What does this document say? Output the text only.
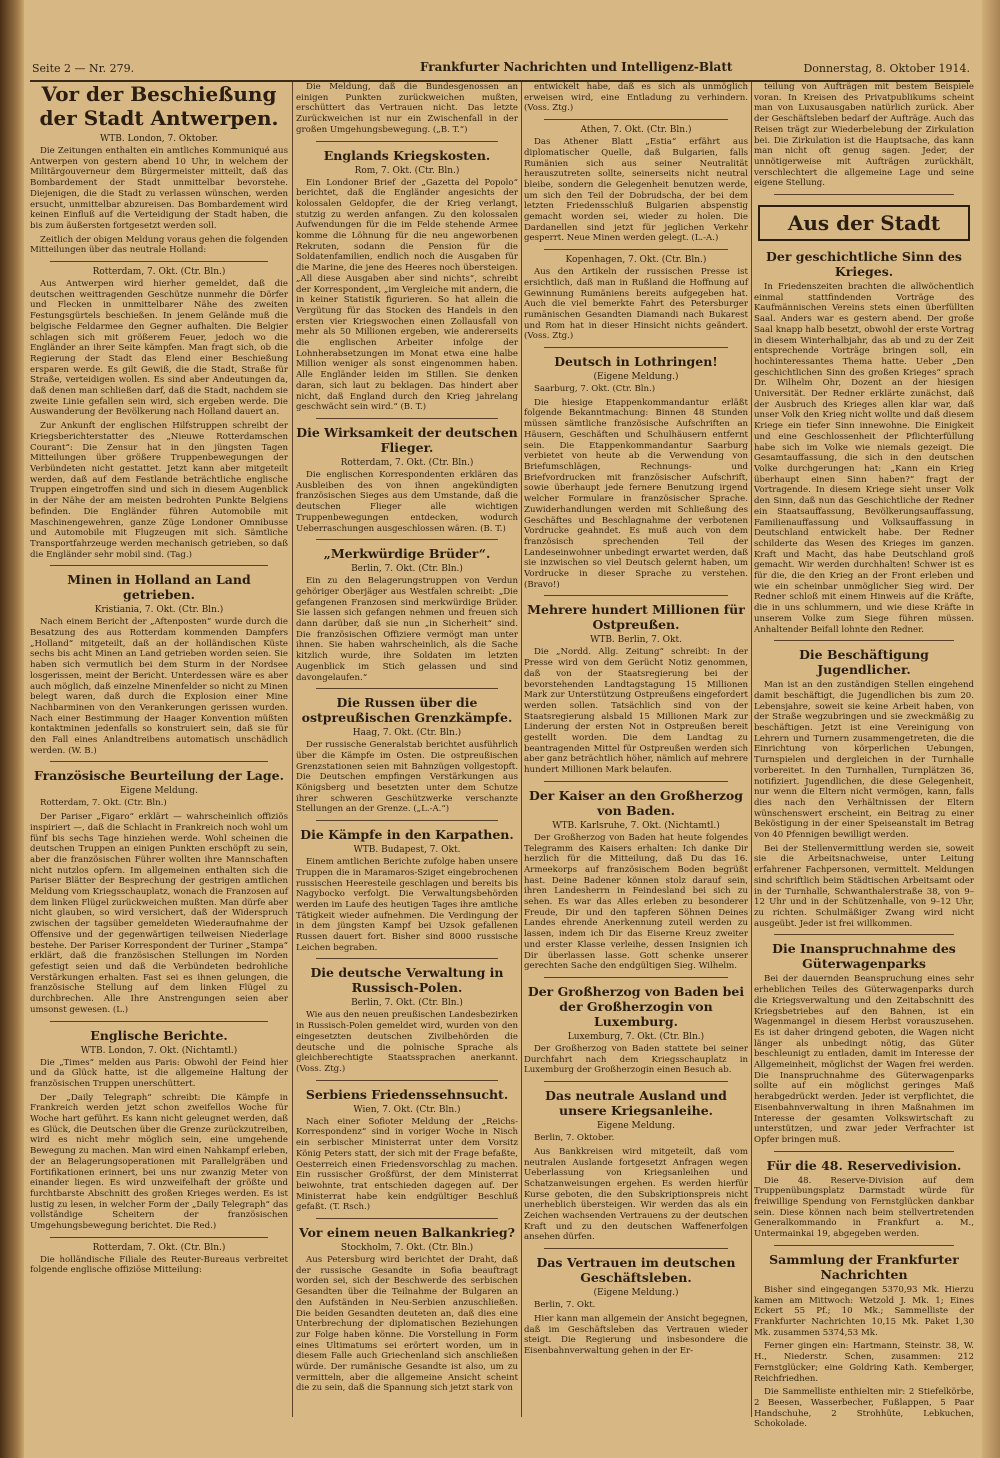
Seite 2 — Nr. 279.	Frankfurter Nachrichten und Intelligenz-Blatt	Donnerstag, 8. Oktober 1914.
Vor der Beschießung der Stadt Antwerpen.
WTB. London, 7. Oktober.

Die Zeitungen enthalten ein amtliches Kommuniqué aus Antwerpen von gestern abend 10 Uhr, in welchem der Militärgouverneur dem Bürgermeister mitteilt, daß das Bombardement der Stadt unmittelbar bevorstehe. Diejenigen, die die Stadt zu verlassen wünschen, werden ersucht, unmittelbar abzureisen. Das Bombardement wird keinen Einfluß auf die Verteidigung der Stadt haben, die bis zum äußersten fortgesetzt werden soll.

Zeitlich der obigen Meldung voraus gehen die folgenden Mitteilungen über das neutrale Holland:

Rotterdam, 7. Okt. (Ctr. Bln.)

Aus Antwerpen wird hierher gemeldet, daß die deutschen weittragenden Geschütze nunmehr die Dörfer und Flecken in unmittelbarer Nähe des zweiten Festungsgürtels beschießen. In jenem Gelände muß die belgische Feldarmee den Gegner aufhalten. Die Belgier schlagen sich mit größerem Feuer, jedoch wo die Engländer an ihrer Seite kämpfen. Man fragt sich, ob die Regierung der Stadt das Elend einer Beschießung ersparen werde. Es gilt Gewiß, die die Stadt, Straße für Straße, verteidigen wollen. Es sind aber Andeutungen da, daß denen man schließen darf, daß die Stadt, nachdem sie zweite Linie gefallen sein wird, sich ergeben werde. Die Auswanderung der Bevölkerung nach Holland dauert an.

Zur Ankunft der englischen Hilfstruppen schreibt der Kriegsberichterstatter des „Nieuwe Rotterdamschen Courant“: Die Zensur hat in den jüngsten Tagen Mitteilungen über größere Truppenbewegungen der Verbündeten nicht gestattet. Jetzt kann aber mitgeteilt werden, daß auf dem Festlande beträchtliche englische Truppen eingetroffen sind und sich in diesem Augenblick in der Nähe der am meisten bedrohten Punkte Belgiens befinden. Die Engländer führen Automobile mit Maschinengewehren, ganze Züge Londoner Omnibusse und Automobile mit Flugzeugen mit sich. Sämtliche Transportfahrzeuge werden mechanisch getrieben, so daß die Engländer sehr mobil sind. (Tag.)

Minen in Holland an Land getrieben.
Kristiania, 7. Okt. (Ctr. Bln.)

Nach einem Bericht der „Aftenposten“ wurde durch die Besatzung des aus Rotterdam kommenden Dampfers „Holland“ mitgeteilt, daß an der holländischen Küste sechs bis acht Minen an Land getrieben worden seien. Sie haben sich vermutlich bei dem Sturm in der Nordsee losgerissen, meint der Bericht. Unterdessen wäre es aber auch möglich, daß einzelne Minenfelder so nicht zu Minen belegt waren, daß durch die Explosion einer Mine Nachbarminen von den Verankerungen gerissen wurden. Nach einer Bestimmung der Haager Konvention müßten kontaktminen jedenfalls so konstruiert sein, daß sie für den Fall eines Anlandtreibens automatisch unschädlich werden. (W. B.)

Französische Beurteilung der Lage.
Eigene Meldung.

Rotterdam, 7. Okt. (Ctr. Bln.)

Der Pariser „Figaro“ erklärt — wahrscheinlich offiziös inspiriert —, daß die Schlacht in Frankreich noch wohl um fünf bis sechs Tage hinziehen werde. Wohl scheinen die deutschen Truppen an einigen Punkten erschöpft zu sein, aber die französischen Führer wollten ihre Mannschaften nicht nutzlos opfern. Im allgemeinen enthalten sich die Pariser Blätter der Besprechung der gestrigen amtlichen Meldung vom Kriegsschauplatz, wonach die Franzosen auf dem linken Flügel zurückweichen mußten. Man dürfe aber nicht glauben, so wird versichert, daß der Widerspruch zwischen der tagsüber gemeldeten Wiederaufnahme der Offensive und der gegenwärtigen teilweisen Niederlage bestehe. Der Pariser Korrespondent der Turiner „Stampa“ erklärt, daß die französischen Stellungen im Norden gefestigt seien und daß die Verbündeten bedrohliche Verstärkungen erhalten. Fast sei es ihnen gelungen, die französische Stellung auf dem linken Flügel zu durchbrechen. Alle Ihre Anstrengungen seien aber umsonst gewesen. (L.)

Englische Berichte.
WTB. London, 7. Okt. (Nichtamtl.)

Die „Times“ melden aus Paris: Obwohl der Feind hier und da Glück hatte, ist die allgemeine Haltung der französischen Truppen unerschüttert.

Der „Daily Telegraph“ schreibt: Die Kämpfe in Frankreich werden jetzt schon zweifellos Woche für Woche hart geführt. Es kann nicht geleugnet werden, daß es Glück, die Deutschen über die Grenze zurückzutreiben, wird es nicht mehr möglich sein, eine umgehende Bewegung zu machen. Man wird einen Nahkampf erleben, der an Belagerungsoperationen mit Parallelgräben und Fortifikationen erinnert, bei uns nur zwanzig Meter von einander liegen. Es wird unzweifelhaft der größte und furchtbarste Abschnitt des großen Krieges werden. Es ist lustig zu lesen, in welcher Form der „Daily Telegraph“ das vollständige Scheitern der französischen Umgehungsbewegung berichtet. Die Red.)

Rotterdam, 7. Okt. (Ctr. Bln.)

Die holländische Filiale des Reuter-Bureaus verbreitet folgende englische offiziöse Mitteilung:

Die Meldung, daß die Bundesgenossen an einigen Punkten zurückweichen mußten, erschüttert das Vertrauen nicht. Das letzte Zurückweichen ist nur ein Zwischenfall in der großen Umgehungsbewegung. („B. T.“)

Englands Kriegskosten.
Rom, 7. Okt. (Ctr. Bln.)

Ein Londoner Brief der „Gazetta del Popolo“ berichtet, daß die Engländer angesichts der kolossalen Geldopfer, die der Krieg verlangt, stutzig zu werden anfangen. Zu den kolossalen Aufwendungen für die im Felde stehende Armee komme die Löhnung für die neu angeworbenen Rekruten, sodann die Pension für die Soldatenfamilien, endlich noch die Ausgaben für die Marine, die jene des Heeres noch übersteigen. „All diese Ausgaben aber sind nichts“, schreibt der Korrespondent, „im Vergleiche mit andern, die in keiner Statistik figurieren. So hat allein die Vergütung für das Stocken des Handels in den ersten vier Kriegswochen einen Zollausfall von mehr als 50 Millionen ergeben, wie andererseits die englischen Arbeiter infolge der Lohnherabsetzungen im Monat etwa eine halbe Million weniger als sonst eingenommen haben. Alle Engländer leiden im Stillen. Sie denken daran, sich laut zu beklagen. Das hindert aber nicht, daß England durch den Krieg jahrelang geschwächt sein wird.“ (B. T.)

Die Wirksamkeit der deutschen Flieger.
Rotterdam, 7. Okt. (Ctr. Bln.)

Die englischen Korrespondenten erklären das Ausbleiben des von ihnen angekündigten französischen Sieges aus dem Umstande, daß die deutschen Flieger alle wichtigen Truppenbewegungen entdecken, wodurch Ueberraschungen ausgeschlossen wären. (B. T.)

„Merkwürdige Brüder“.
Berlin, 7. Okt. (Ctr. Bln.)

Ein zu den Belagerungstruppen von Verdun gehöriger Oberjäger aus Westfalen schreibt: „Die gefangenen Franzosen sind merkwürdige Brüder. Sie lassen sich gefangen nehmen und freuen sich dann darüber, daß sie nun „in Sicherheit“ sind. Die französischen Offiziere vermögt man unter ihnen. Sie haben wahrscheinlich, als die Sache kitzlich wurde, ihre Soldaten im letzten Augenblick im Stich gelassen und sind davongelaufen.“

Die Russen über die ostpreußischen Grenzkämpfe.
Haag, 7. Okt. (Ctr. Bln.)

Der russische Generalstab berichtet ausführlich über die Kämpfe im Osten. Die ostpreußischen Grenzstationen seien mit Bahnzügen vollgestopft. Die Deutschen empfingen Verstärkungen aus Königsberg und besetzten unter dem Schutze ihrer schweren Geschützwerke verschanzte Stellungen an der Grenze. („L.-A.“)

Die Kämpfe in den Karpathen.
WTB. Budapest, 7. Okt.

Einem amtlichen Berichte zufolge haben unsere Truppen die in Maramaros-Sziget eingebrochenen russischen Heeresteile geschlagen und bereits bis Nagybocko verfolgt. Die Verwaltungsbehörden werden im Laufe des heutigen Tages ihre amtliche Tätigkeit wieder aufnehmen. Die Verdingung der in dem jüngsten Kampf bei Uzsok gefallenen Russen dauert fort. Bisher sind 8000 russische Leichen begraben.

Die deutsche Verwaltung in Russisch-Polen.
Berlin, 7. Okt. (Ctr. Bln.)

Wie aus den neuen preußischen Landesbezirken in Russisch-Polen gemeldet wird, wurden von den eingesetzten deutschen Zivilbehörden die deutsche und die polnische Sprache als gleichberechtigte Staatssprachen anerkannt. (Voss. Ztg.)

Serbiens Friedenssehnsucht.
Wien, 7. Okt. (Ctr. Bln.)

Nach einer Sofioter Meldung der „Reichs-Korrespondenz“ sind in voriger Woche in Nisch ein serbischer Ministerrat unter dem Vorsitz König Peters statt, der sich mit der Frage befaßte, Oesterreich einen Friedensvorschlag zu machen. Ein russischer Großfürst, der dem Ministerrat beiwohnte, trat entschieden dagegen auf. Der Ministerrat habe kein endgültiger Beschluß gefaßt. (T. Rsch.)

Vor einem neuen Balkankrieg?
Stockholm, 7. Okt. (Ctr. Bln.)

Aus Petersburg wird berichtet der Draht, daß der russische Gesandte in Sofia beauftragt worden sei, sich der Beschwerde des serbischen Gesandten über die Teilnahme der Bulgaren an den Aufständen in Neu-Serbien anzuschließen. Die beiden Gesandten deuteten an, daß dies eine Unterbrechung der diplomatischen Beziehungen zur Folge haben könne. Die Vorstellung in Form eines Ultimatums sei erörtert worden, um in diesem Falle auch Griechenland sich anschließen würde. Der rumänische Gesandte ist also, um zu vermitteln, aber die allgemeine Ansicht scheint die zu sein, daß die Spannung sich jetzt stark von

entwickelt habe, daß es sich als unmöglich erweisen wird, eine Entladung zu verhindern. (Voss. Ztg.)

Athen, 7. Okt. (Ctr. Bln.)

Das Athener Blatt „Estia“ erfährt aus diplomatischer Quelle, daß Bulgarien, falls Rumänien sich aus seiner Neutralität herauszutreten sollte, seinerseits nicht neutral bleibe, sondern die Gelegenheit benutzen werde, um sich den Teil der Dobrudscha, der bei dem letzten Friedensschluß Bulgarien abspenstig gemacht worden sei, wieder zu holen. Die Dardanellen sind jetzt für jeglichen Verkehr gesperrt. Neue Minen werden gelegt. (L.-A.)

Kopenhagen, 7. Okt. (Ctr. Bln.)

Aus den Artikeln der russischen Presse ist ersichtlich, daß man in Rußland die Hoffnung auf Gewinnung Rumäniens bereits aufgegeben hat. Auch die viel bemerkte Fahrt des Petersburger rumänischen Gesandten Diamandi nach Bukarest und Rom hat in dieser Hinsicht nichts geändert. (Voss. Ztg.)

Deutsch in Lothringen!
(Eigene Meldung.)

Saarburg, 7. Okt. (Ctr. Bln.)

Die hiesige Etappenkommandantur erläßt folgende Bekanntmachung: Binnen 48 Stunden müssen sämtliche französische Aufschriften an Häusern, Geschäften und Schulhäusern entfernt sein. Die Etappenkommandantur Saarburg verbietet von heute ab die Verwendung von Briefumschlägen, Rechnungs- und Briefvordrucken mit französischer Aufschrift, sowie überhaupt jede fernere Benutzung irgend welcher Formulare in französischer Sprache. Zuwiderhandlungen werden mit Schließung des Geschäftes und Beschlagnahme der verbotenen Vordrucke geahndet. Es muß auch von dem französisch sprechenden Teil der Landeseinwohner unbedingt erwartet werden, daß sie inzwischen so viel Deutsch gelernt haben, um Vordrucke in dieser Sprache zu verstehen. (Bravo!)

Mehrere hundert Millionen für Ostpreußen.
WTB. Berlin, 7. Okt.

Die „Nordd. Allg. Zeitung“ schreibt: In der Presse wird von dem Gerücht Notiz genommen, daß von der Staatsregierung bei der bevorstehenden Landtagstagung 15 Millionen Mark zur Unterstützung Ostpreußens eingefordert werden sollen. Tatsächlich sind von der Staatsregierung alsbald 15 Millionen Mark zur Linderung der ersten Not in Ostpreußen bereit gestellt worden. Die dem Landtag zu beantragenden Mittel für Ostpreußen werden sich aber ganz beträchtlich höher, nämlich auf mehrere hundert Millionen Mark belaufen.

Der Kaiser an den Großherzog von Baden.
WTB. Karlsruhe, 7. Okt. (Nichtamtl.)

Der Großherzog von Baden hat heute folgendes Telegramm des Kaisers erhalten: Ich danke Dir herzlich für die Mitteilung, daß Du das 16. Armeekorps auf französischem Boden begrüßt hast. Deine Badener können stolz darauf sein, ihren Landesherrn in Feindesland bei sich zu sehen. Es war das Alles erleben zu besonderer Freude, Dir und den tapferen Söhnen Deines Landes ehrende Anerkennung zuteil werden zu lassen, indem ich Dir das Eiserne Kreuz zweiter und erster Klasse verleihe, dessen Insignien ich Dir überlassen lasse. Gott schenke unserer gerechten Sache den endgültigen Sieg. Wilhelm.

Der Großherzog von Baden bei der Großherzogin von Luxemburg.
Luxemburg, 7. Okt. (Ctr. Bln.)

Der Großherzog von Baden stattete bei seiner Durchfahrt nach dem Kriegsschauplatz in Luxemburg der Großherzogin einen Besuch ab.

Das neutrale Ausland und unsere Kriegsanleihe.
Eigene Meldung.

Berlin, 7. Oktober.

Aus Bankkreisen wird mitgeteilt, daß vom neutralen Auslande fortgesetzt Anfragen wegen Ueberlassung von Kriegsanleihen und Schatzanweisungen ergehen. Es werden hierfür Kurse geboten, die den Subskriptionspreis nicht unerheblich übersteigen. Wir werden das als ein Zeichen wachsenden Vertrauens zu der deutschen Kraft und zu den deutschen Waffenerfolgen ansehen dürfen.

Das Vertrauen im deutschen Geschäftsleben.
(Eigene Meldung.)

Berlin, 7. Okt.

Hier kann man allgemein der Ansicht begegnen, daß im Geschäftsleben das Vertrauen wieder steigt. Die Regierung und insbesondere die Eisenbahnverwaltung gehen in der Er-

teilung von Aufträgen mit bestem Beispiele voran. In Kreisen des Privatpublikums scheint man von Luxusausgaben natürlich zurück. Aber der Geschäftsleben bedarf der Aufträge. Auch das Reisen trägt zur Wiederbelebung der Zirkulation bei. Die Zirkulation ist die Hauptsache, das kann man nicht oft genug sagen. Jeder, der unnötigerweise mit Aufträgen zurückhält, verschlechtert die allgemeine Lage und seine eigene Stellung.

Aus der Stadt
Der geschichtliche Sinn des Krieges.

In Friedenszeiten brachten die allwöchentlich einmal stattfindenden Vorträge des Kaufmännischen Vereins stets einen überfüllten Saal. Anders war es gestern abend. Der große Saal knapp halb besetzt, obwohl der erste Vortrag in diesem Winterhalbjahr, das ab und zu der Zeit entsprechende Vorträge bringen soll, ein hochinteressantes Thema hatte. Ueber „Den geschichtlichen Sinn des großen Krieges“ sprach Dr. Wilhelm Ohr, Dozent an der hiesigen Universität. Der Redner erklärte zunächst, daß der Ausbruch des Krieges allen klar war, daß unser Volk den Krieg nicht wollte und daß diesem Kriege ein tiefer Sinn innewohne. Die Einigkeit und eine Geschlossenheit der Pflichterfüllung habe sich im Volke wie niemals gezeigt. Die Gesamtauffassung, die sich in den deutschen Volke durchgerungen hat: „Kann ein Krieg überhaupt einen Sinn haben?“ fragt der Vortragende. In diesem Kriege sieht unser Volk den Sinn, daß nun das Geschichtliche der Redner ein Staatsauffassung, Bevölkerungsauffassung, Familienauffassung und Volksauffassung in Deutschland entwickelt habe. Der Redner schilderte das Wesen des Krieges im ganzen. Kraft und Macht, das habe Deutschland groß gemacht. Wir werden durchhalten! Schwer ist es für die, die den Krieg an der Front erleben und wie ein scheinbar unmöglicher Sieg wird. Der Redner schloß mit einem Hinweis auf die Kräfte, die in uns schlummern, und wie diese Kräfte in unserem Volke zum Siege führen müssen. Anhaltender Beifall lohnte den Redner.

Die Beschäftigung Jugendlicher.

Man ist an den zuständigen Stellen eingehend damit beschäftigt, die Jugendlichen bis zum 20. Lebensjahre, soweit sie keine Arbeit haben, von der Straße wegzubringen und sie zweckmäßig zu beschäftigen. Jetzt ist eine Vereinigung von Lehrern und Turnern zusammengetreten, die die Einrichtung von körperlichen Uebungen, Turnspielen und dergleichen in der Turnhalle vorbereitet. In den Turnhallen, Turnplätzen 36, notifiziert. Jugendlichen, die diese Gelegenheit, nur wenn die Eltern nicht vermögen, kann, falls dies nach den Verhältnissen der Eltern wünschenswert erscheint, ein Beitrag zu einer Beköstigung in der einer Speiseanstalt im Betrag von 40 Pfennigen bewilligt werden.

Bei der Stellenvermittlung werden sie, soweit sie die Arbeitsnachweise, unter Leitung erfahrener Fachpersonen, vermittelt. Meldungen sind schriftlich beim Städtischen Arbeitsamt oder in der Turnhalle, Schwanthalerstraße 38, von 9–12 Uhr und in der Schützenhalle, von 9–12 Uhr, zu richten. Schulmäßiger Zwang wird nicht ausgeübt. Jeder ist frei willkommen.

Die Inanspruchnahme des Güterwagenparks

Bei der dauernden Beanspruchung eines sehr erheblichen Teiles des Güterwagenparks durch die Kriegsverwaltung und den Zeitabschnitt des Kriegsbetriebes auf den Bahnen, ist ein Wagenmangel in diesem Herbst vorauszusehen. Es ist daher dringend geboten, die Wagen nicht länger als unbedingt nötig, das Güter beschleunigt zu entladen, damit im Interesse der Allgemeinheit, möglichst der Wagen frei werden. Die Inanspruchnahme des Güterwagenparks sollte auf ein möglichst geringes Maß herabgedrückt werden. Jeder ist verpflichtet, die Eisenbahnverwaltung in ihren Maßnahmen im Interesse der gesamten Volkswirtschaft zu unterstützen, und zwar jeder Verfrachter ist Opfer bringen muß.

Für die 48. Reservedivision.

Die 48. Reserve-Division auf dem Truppenübungsplatz Darmstadt würde für freiwillige Spendung von Fernstglücken dankbar sein. Diese können nach beim stellvertretenden Generalkommando in Frankfurt a. M., Untermainkai 19, abgegeben werden.

Sammlung der Frankfurter Nachrichten

Bisher sind eingegangen 5370,93 Mk. Hierzu kamen am Mittwoch: Wetzold J. Mk. 1; Eines Eckert 55 Pf.; 10 Mk.; Sammelliste der Frankfurter Nachrichten 10,15 Mk. Paket 1,30 Mk. zusammen 5374,53 Mk.

Ferner gingen ein: Hartmann, Steinstr. 38, W. H., Niederstr. Schen, zusammen: 212 Fernstglücker; eine Goldring Kath. Kemberger, Reichfriedhen.

Die Sammelliste enthielten mir: 2 Stiefelkörbe, 2 Beesen, Wasserbecher, Fußlappen, 5 Paar Handschuhe, 2 Strohhüte, Lebkuchen, Schokolade.
